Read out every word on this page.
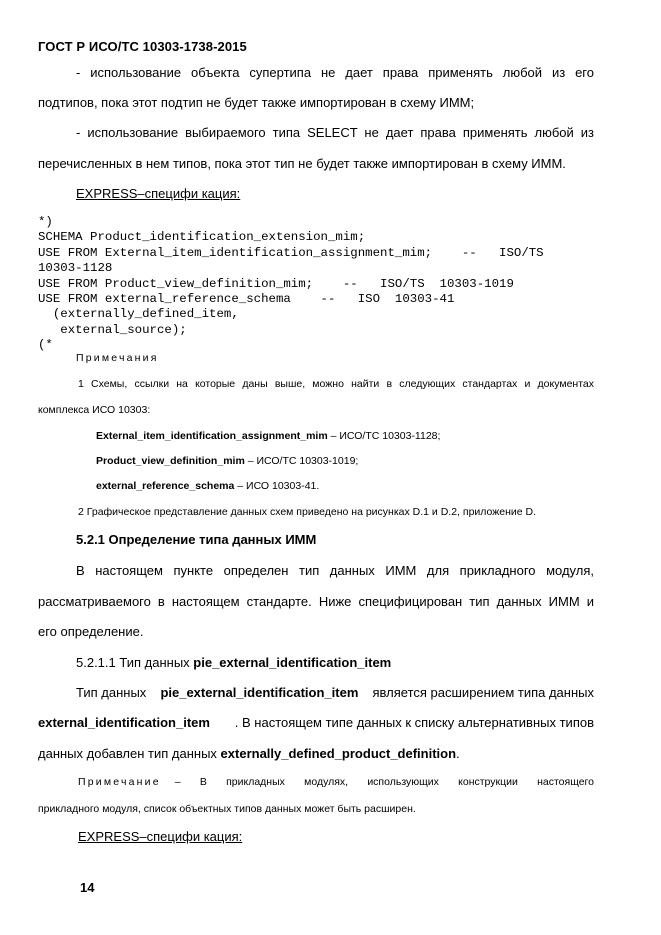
ГОСТ Р ИСО/ТС 10303-1738-2015
- использование объекта супертипа не дает права применять любой из его
подтипов, пока этот подтип не будет также импортирован в схему ИММ;
- использование выбираемого типа SELECT не дает права применять любой из
перечисленных в нем типов, пока этот тип не будет также импортирован в схему ИММ.
EXPRESS–специфи кация:
*)
SCHEMA Product_identification_extension_mim;
USE FROM External_item_identification_assignment_mim;    --   ISO/TS
10303-1128
USE FROM Product_view_definition_mim;    --   ISO/TS  10303-1019
USE FROM external_reference_schema    --   ISO  10303-41
(externally_defined_item,
external_source);
(*
Примечания
1 Схемы, ссылки на которые даны выше, можно найти в следующих стандартах и документах
комплекса ИСО 10303:
External_item_identification_assignment_mim – ИСО/ТС 10303-1128;
Product_view_definition_mim – ИСО/ТС 10303-1019;
external_reference_schema – ИСО 10303-41.
2 Графическое представление данных схем приведено на рисунках D.1 и D.2, приложение D.
5.2.1 Определение типа данных ИММ
В настоящем пункте определен тип данных ИММ для прикладного модуля,
рассматриваемого в настоящем стандарте. Ниже специфицирован тип данных ИММ и
его определение.
5.2.1.1 Тип данных pie_external_identification_item
Тип данных pie_external_identification_item является расширением типа данных
external_identification_item . В настоящем типе данных к списку альтернативных типов
данных добавлен тип данных externally_defined_product_definition.
Примечание – В прикладных модулях, использующих конструкции настоящего
прикладного модуля, список объектных типов данных может быть расширен.
EXPRESS–специфи кация:
14
